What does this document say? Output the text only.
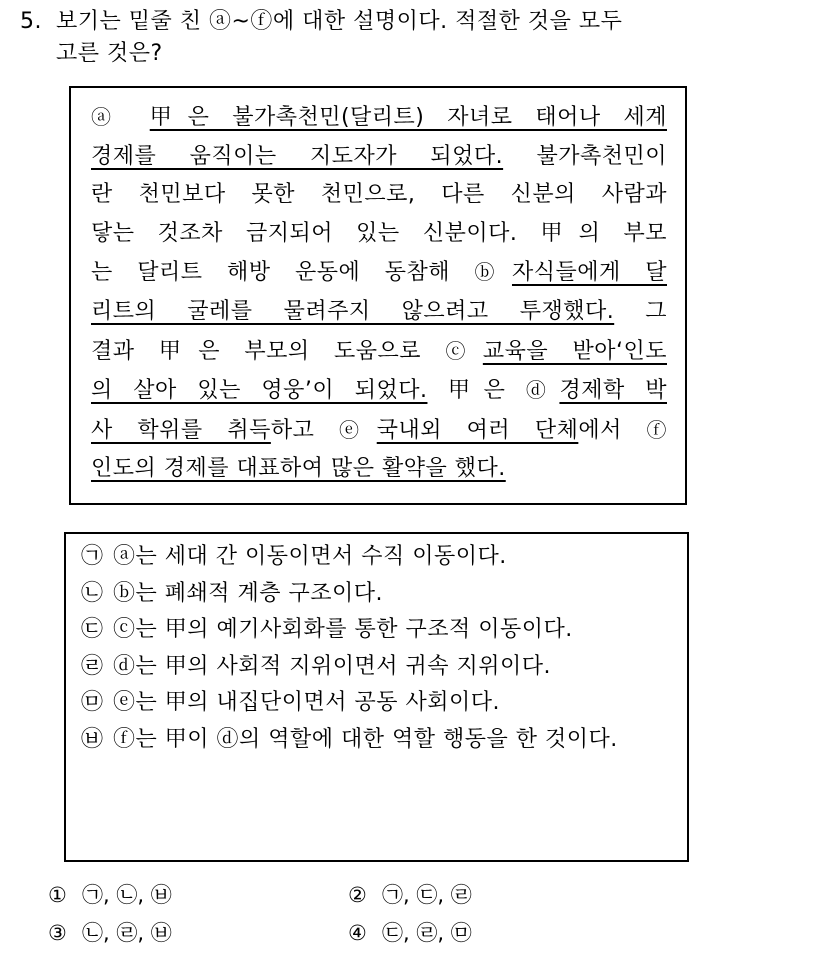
5. 보기는 밑줄 친 ⓐ~ⓕ에 대한 설명이다. 적절한 것을 모두
고른 것은?
ⓐ 甲은 불가촉천민(달리트) 자녀로 태어나 세계
경제를 움직이는 지도자가 되었다. 불가촉천민이
란 천민보다 못한 천민으로, 다른 신분의 사람과
닿는 것조차 금지되어 있는 신분이다. 甲의 부모
는 달리트 해방 운동에 동참해 ⓑ자식들에게 달
리트의 굴레를 물려주지 않으려고 투쟁했다. 그
결과 甲은 부모의 도움으로 ⓒ교육을 받아‘인도
의 살아 있는 영웅’이 되었다. 甲은 ⓓ경제학 박
사 학위를 취득하고 ⓔ국내외 여러 단체에서 ⓕ
인도의 경제를 대표하여 많은 활약을 했다.
㉠ ⓐ는 세대 간 이동이면서 수직 이동이다.
㉡ ⓑ는 폐쇄적 계층 구조이다.
㉢ ⓒ는 甲의 예기사회화를 통한 구조적 이동이다.
㉣ ⓓ는 甲의 사회적 지위이면서 귀속 지위이다.
㉤ ⓔ는 甲의 내집단이면서 공동 사회이다.
㉥ ⓕ는 甲이 ⓓ의 역할에 대한 역할 행동을 한 것이다.
① ㉠, ㉡, ㉥	② ㉠, ㉢, ㉣
③ ㉡, ㉣, ㉥	④ ㉢, ㉣, ㉤
